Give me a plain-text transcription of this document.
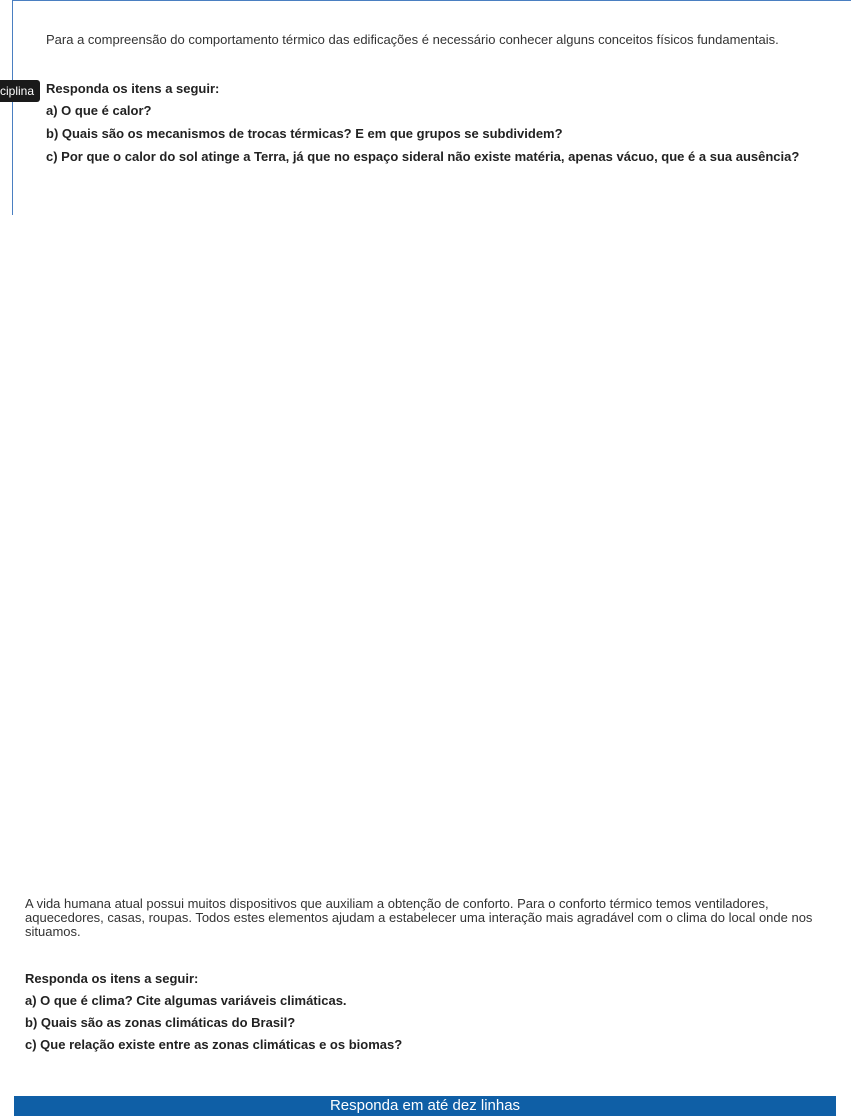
Para a compreensão do comportamento térmico das edificações é necessário conhecer alguns conceitos físicos fundamentais.

Responda os itens a seguir:

a) O que é calor?

b) Quais são os mecanismos de trocas térmicas? E em que grupos se subdividem?

c) Por que o calor do sol atinge a Terra, já que no espaço sideral não existe matéria, apenas vácuo, que é a sua ausência?

ciplina

A vida humana atual possui muitos dispositivos que auxiliam a obtenção de conforto. Para o conforto térmico temos ventiladores, aquecedores, casas, roupas. Todos estes elementos ajudam a estabelecer uma interação mais agradável com o clima do local onde nos situamos.

Responda os itens a seguir:

a) O que é clima? Cite algumas variáveis climáticas.

b) Quais são as zonas climáticas do Brasil?

c) Que relação existe entre as zonas climáticas e os biomas?

Responda em até dez linhas
